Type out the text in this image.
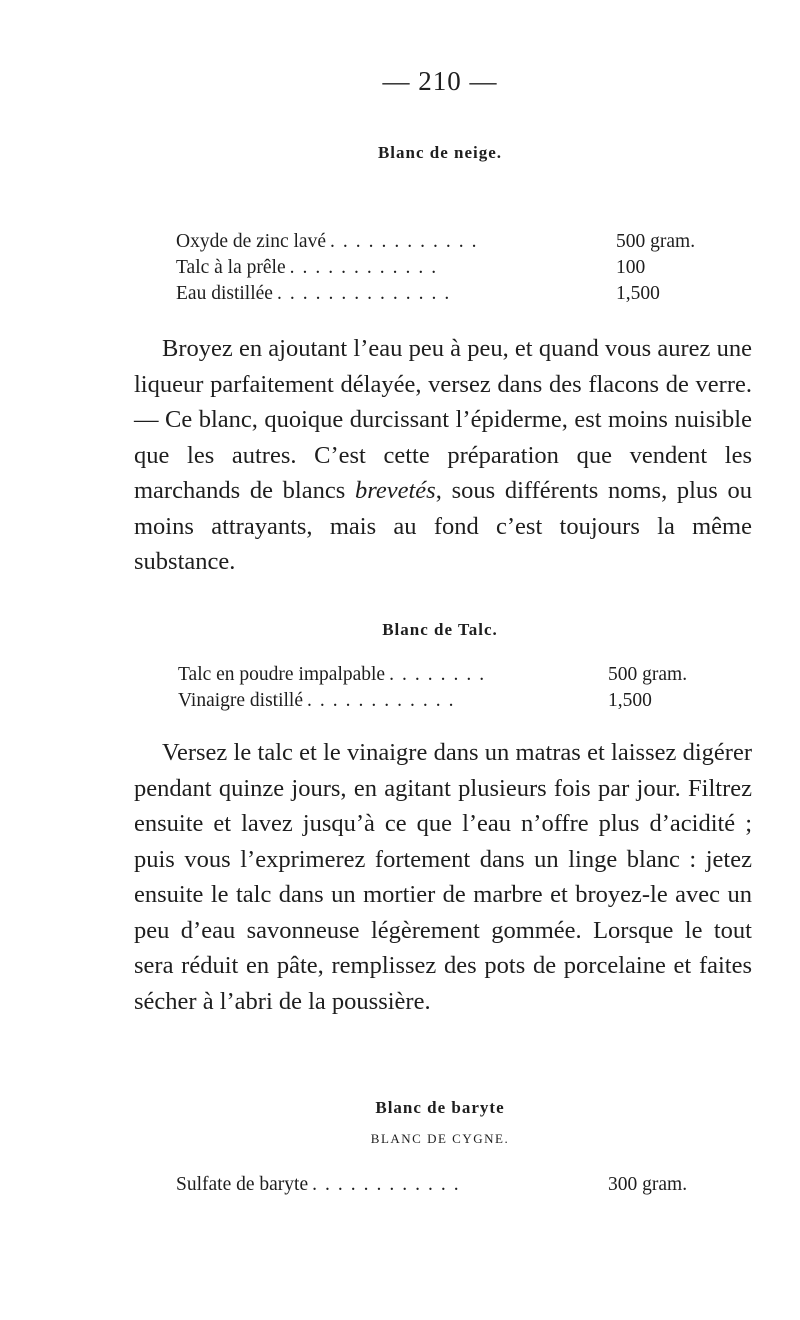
— 210 —
Blanc de neige.
Oxyde de zinc lavé ............	500 gram.
Talc à la prêle ............	100
Eau distillée ..............	1,500

Broyez en ajoutant l’eau peu à peu, et quand vous aurez une liqueur parfaitement délayée, versez dans des flacons de verre. — Ce blanc, quoique durcissant l’épiderme, est moins nuisible que les autres. C’est cette préparation que vendent les marchands de blancs brevetés, sous différents noms, plus ou moins attrayants, mais au fond c’est toujours la même substance.

Blanc de Talc.
Talc en poudre impalpable ........	500 gram.
Vinaigre distillé ............	1,500

Versez le talc et le vinaigre dans un matras et laissez digérer pendant quinze jours, en agitant plusieurs fois par jour. Filtrez ensuite et lavez jusqu’à ce que l’eau n’offre plus d’acidité ; puis vous l’exprimerez fortement dans un linge blanc : jetez ensuite le talc dans un mortier de marbre et broyez-le avec un peu d’eau savonneuse légèrement gommée. Lorsque le tout sera réduit en pâte, remplissez des pots de porcelaine et faites sécher à l’abri de la poussière.

Blanc de baryte
BLANC DE CYGNE.
Sulfate de baryte ............	300 gram.
